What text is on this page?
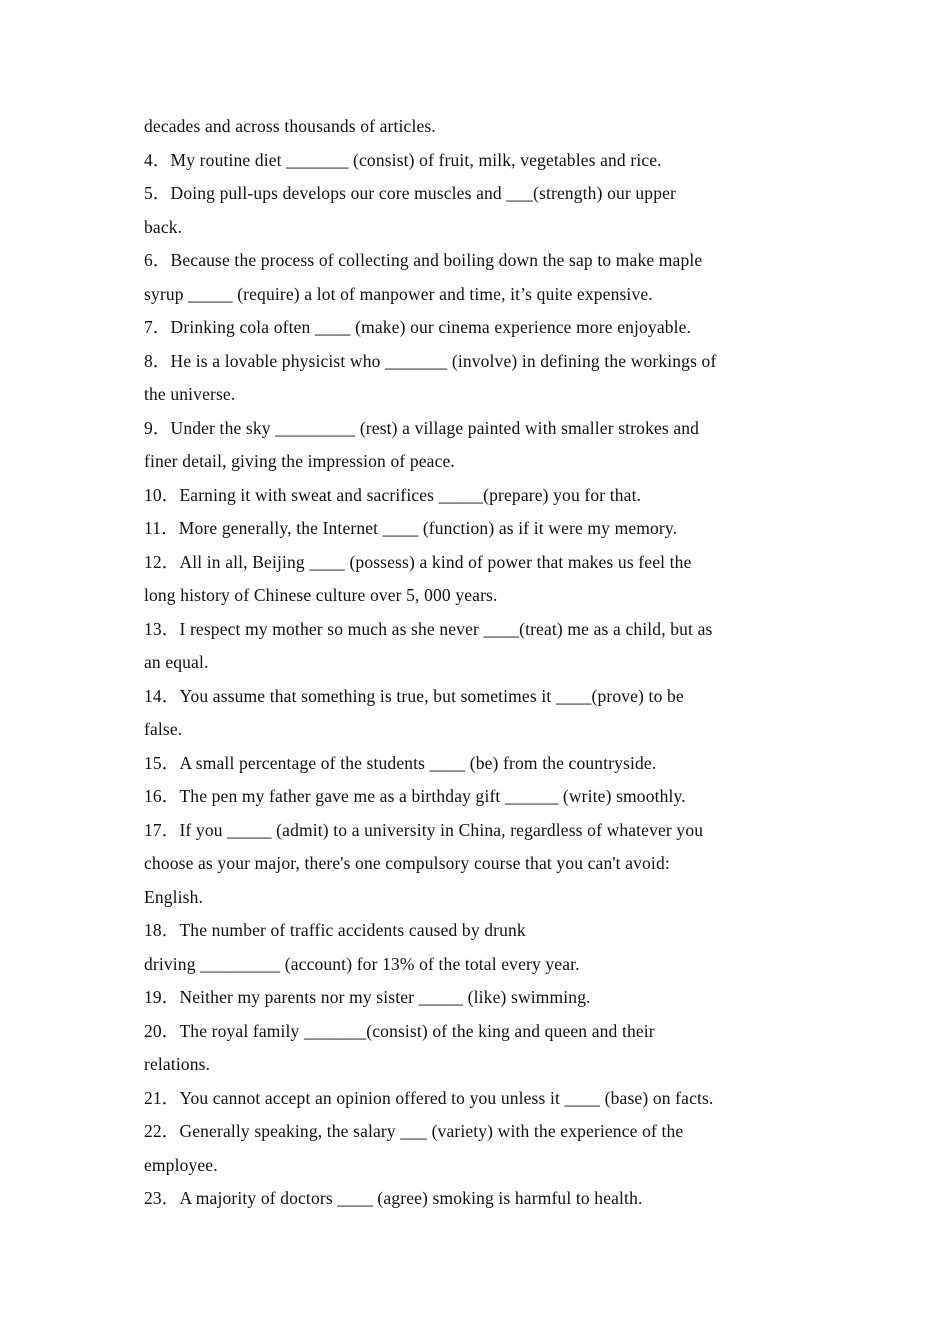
decades and across thousands of articles.
4．My routine diet _______ (consist) of fruit, milk, vegetables and rice.
5．Doing pull-ups develops our core muscles and ___(strength) our upper
back.
6．Because the process of collecting and boiling down the sap to make maple
syrup _____ (require) a lot of manpower and time, it’s quite expensive.
7．Drinking cola often ____ (make) our cinema experience more enjoyable.
8．He is a lovable physicist who _______ (involve) in defining the workings of
the universe.
9．Under the sky _________ (rest) a village painted with smaller strokes and
finer detail, giving the impression of peace.
10．Earning it with sweat and sacrifices _____(prepare) you for that.
11．More generally, the Internet ____ (function) as if it were my memory.
12．All in all, Beijing ____ (possess) a kind of power that makes us feel the
long history of Chinese culture over 5, 000 years.
13．I respect my mother so much as she never ____(treat) me as a child, but as
an equal.
14．You assume that something is true, but sometimes it ____(prove) to be
false.
15．A small percentage of the students ____ (be) from the countryside.
16．The pen my father gave me as a birthday gift ______ (write) smoothly.
17．If you _____ (admit) to a university in China, regardless of whatever you
choose as your major, there's one compulsory course that you can't avoid:
English.
18．The number of traffic accidents caused by drunk
driving _________ (account) for 13% of the total every year.
19．Neither my parents nor my sister _____ (like) swimming.
20．The royal family _______(consist) of the king and queen and their
relations.
21．You cannot accept an opinion offered to you unless it ____ (base) on facts.
22．Generally speaking, the salary ___ (variety) with the experience of the
employee.
23．A majority of doctors ____ (agree) smoking is harmful to health.
